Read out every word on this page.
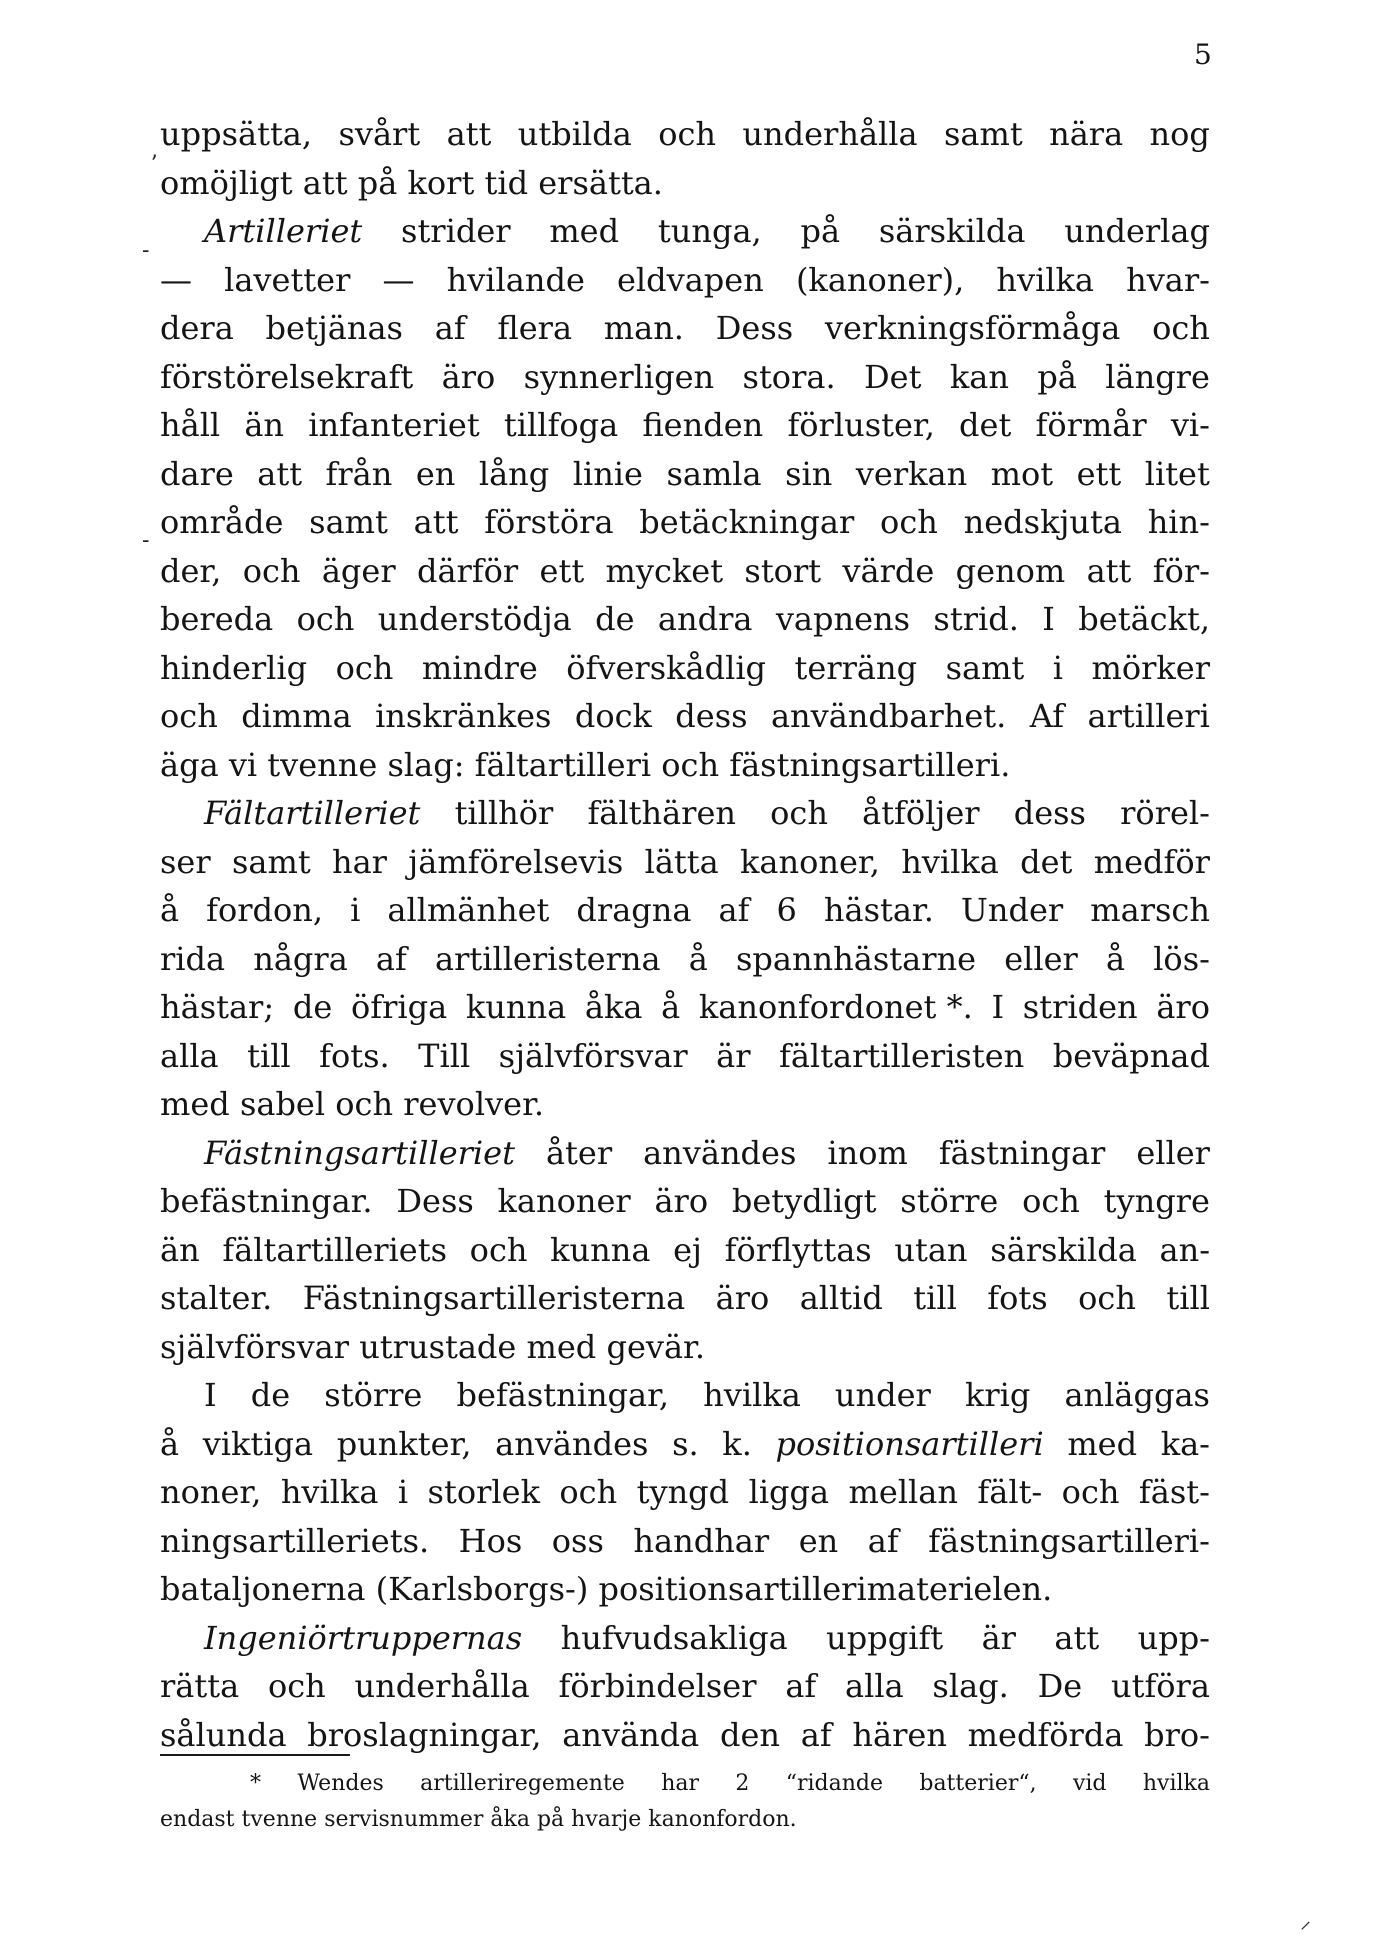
5
uppsätta, svårt att utbilda och underhålla samt nära nog
omöjligt att på kort tid ersätta.
Artilleriet strider med tunga, på särskilda underlag
— lavetter — hvilande eldvapen (kanoner), hvilka hvar-
dera betjänas af flera man. Dess verkningsförmåga och
förstörelsekraft äro synnerligen stora. Det kan på längre
håll än infanteriet tillfoga fienden förluster, det förmår vi-
dare att från en lång linie samla sin verkan mot ett litet
område samt att förstöra betäckningar och nedskjuta hin-
der, och äger därför ett mycket stort värde genom att för-
bereda och understödja de andra vapnens strid. I betäckt,
hinderlig och mindre öfverskådlig terräng samt i mörker
och dimma inskränkes dock dess användbarhet. Af artilleri
äga vi tvenne slag: fältartilleri och fästningsartilleri.
Fältartilleriet tillhör fälthären och åtföljer dess rörel-
ser samt har jämförelsevis lätta kanoner, hvilka det medför
å fordon, i allmänhet dragna af 6 hästar. Under marsch
rida några af artilleristerna å spannhästarne eller å lös-
hästar; de öfriga kunna åka å kanonfordonet *. I striden äro
alla till fots. Till självförsvar är fältartilleristen beväpnad
med sabel och revolver.
Fästningsartilleriet åter användes inom fästningar eller
befästningar. Dess kanoner äro betydligt större och tyngre
än fältartilleriets och kunna ej förflyttas utan särskilda an-
stalter. Fästningsartilleristerna äro alltid till fots och till
självförsvar utrustade med gevär.
I de större befästningar, hvilka under krig anläggas
å viktiga punkter, användes s. k. positionsartilleri med ka-
noner, hvilka i storlek och tyngd ligga mellan fält- och fäst-
ningsartilleriets. Hos oss handhar en af fästningsartilleri-
bataljonerna (Karlsborgs-) positionsartillerimaterielen.
Ingeniörtruppernas hufvudsakliga uppgift är att upp-
rätta och underhålla förbindelser af alla slag. De utföra
sålunda broslagningar, använda den af hären medförda bro-
* Wendes artilleriregemente har 2 “ridande batterier“, vid hvilka
endast tvenne servisnummer åka på hvarje kanonfordon.
ʼ
-
-
⸝
